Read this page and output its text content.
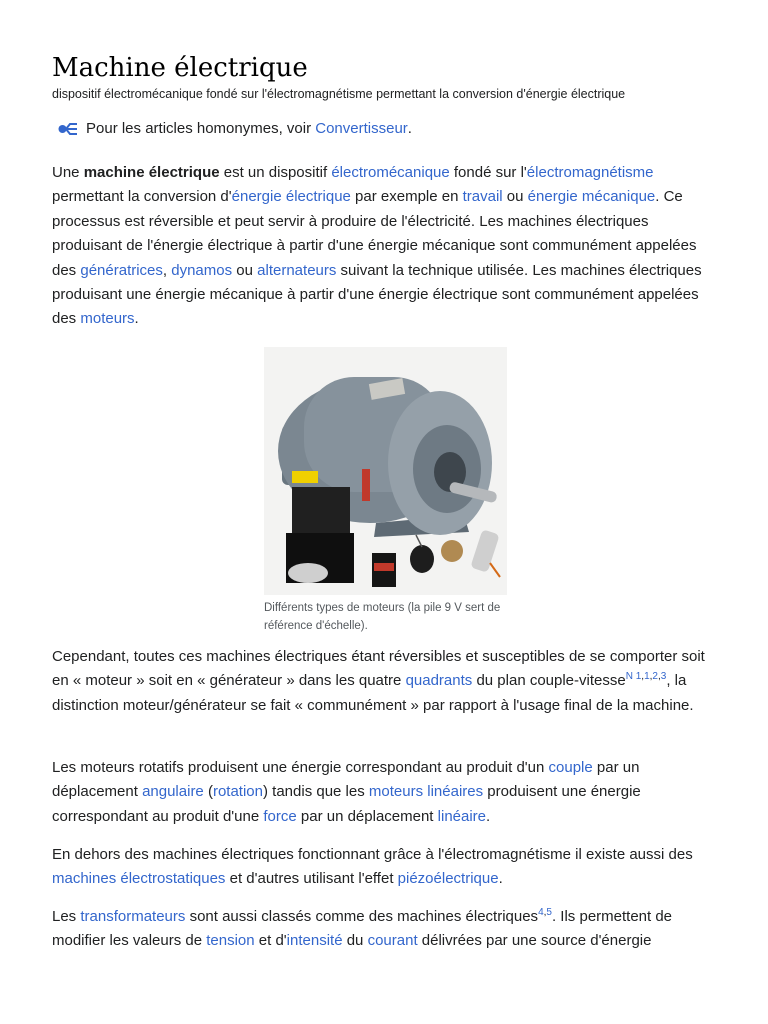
Machine électrique
dispositif électromécanique fondé sur l'électromagnétisme permettant la conversion d'énergie électrique
Pour les articles homonymes, voir Convertisseur .

Une machine électrique est un dispositif électromécanique fondé sur l'électromagnétisme permettant la conversion d'énergie électrique par exemple en travail ou énergie mécanique. Ce processus est réversible et peut servir à produire de l'électricité. Les machines électriques produisant de l'énergie électrique à partir d'une énergie mécanique sont communément appelées des génératrices, dynamos ou alternateurs suivant la technique utilisée. Les machines électriques produisant une énergie mécanique à partir d'une énergie électrique sont communément appelées des moteurs.

Différents types de moteurs (la pile 9 V sert de référence d'échelle).

Cependant, toutes ces machines électriques étant réversibles et susceptibles de se comporter soit en « moteur » soit en « générateur » dans les quatre quadrants du plan couple-vitesse$^{N 1,1,2,3}$, la distinction moteur/générateur se fait « communément » par rapport à l'usage final de la machine.

Les moteurs rotatifs produisent une énergie correspondant au produit d'un couple par un déplacement angulaire (rotation) tandis que les moteurs linéaires produisent une énergie correspondant au produit d'une force par un déplacement linéaire.

En dehors des machines électriques fonctionnant grâce à l'électromagnétisme il existe aussi des machines électrostatiques et d'autres utilisant l'effet piézoélectrique.

Les transformateurs sont aussi classés comme des machines électriques$^{4,5}$. Ils permettent de modifier les valeurs de tension et d'intensité du courant délivrées par une source d'énergie
